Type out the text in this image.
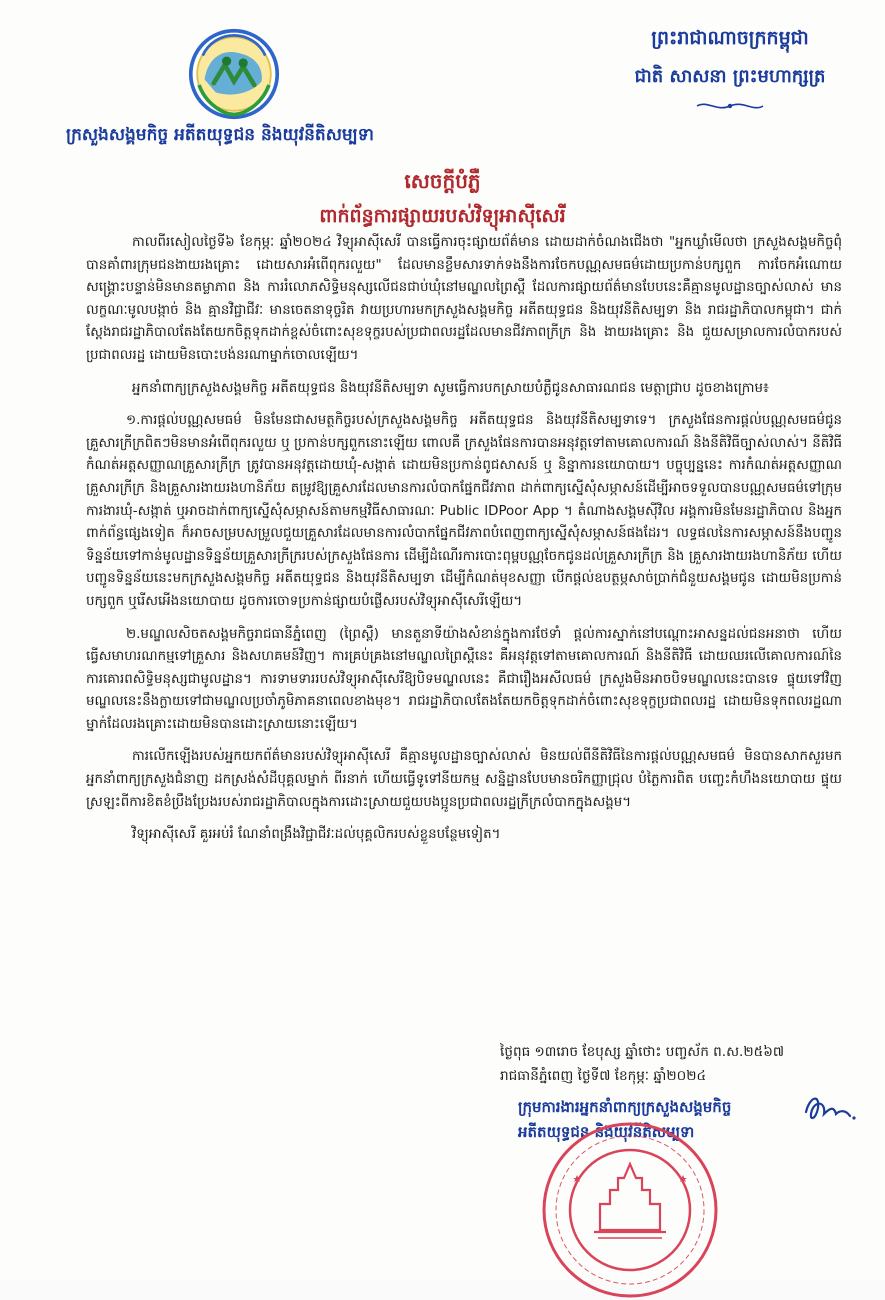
ក្រសួងសង្គមកិច្ច អតីតយុទ្ធជន និងយុវនីតិសម្បទា
ព្រះរាជាណាចក្រកម្ពុជា
ជាតិ សាសនា ព្រះមហាក្សត្រ
សេចក្តីបំភ្លឺ
ពាក់ព័ន្ធការផ្សាយរបស់វិទ្យុអាស៊ីសេរី

កាលពីរសៀលថ្ងៃទី៦ ខែកុម្ភៈ ឆ្នាំ២០២៤ វិទ្យុអាស៊ីសេរី បានធ្វើការចុះផ្សាយព័ត៌មាន ដោយដាក់ចំណងជើងថា "អ្នកឃ្លាំមើលថា ក្រសួងសង្គមកិច្ចពុំបានគាំពារក្រុមជនងាយរងគ្រោះ ដោយសារអំពើពុករលួយ" ដែលមានខ្លឹមសារទាក់ទងនឹងការចែកបណ្ណសមធម៌ដោយប្រកាន់បក្សពួក ការចែកអំណោយសង្គ្រោះបន្ទាន់មិនមានតម្លាភាព និង ការរំលោភសិទ្ធិមនុស្សលើជនជាប់ឃុំនៅមណ្ឌលព្រៃស្ពឺ ដែលការផ្សាយព័ត៌មានបែបនេះគឺគ្មានមូលដ្ឋានច្បាស់លាស់ មានលក្ខណៈមូលបង្កាច់ និង គ្មានវិជ្ជាជីវៈ មានចេតនាទុច្ចរិត វាយប្រហារមកក្រសួងសង្គមកិច្ច អតីតយុទ្ធជន និងយុវនីតិសម្បទា និង រាជរដ្ឋាភិបាលកម្ពុជា។ ជាក់ស្តែងរាជរដ្ឋាភិបាលតែងតែយកចិត្តទុកដាក់ខ្ពស់ចំពោះសុខទុក្ខរបស់ប្រជាពលរដ្ឋដែលមានជីវភាពក្រីក្រ និង ងាយរងគ្រោះ និង ជួយសម្រាលការលំបាករបស់ប្រជាពលរដ្ឋ ដោយមិនបោះបង់នរណាម្នាក់ចោលឡើយ។

អ្នកនាំពាក្យក្រសួងសង្គមកិច្ច អតីតយុទ្ធជន និងយុវនីតិសម្បទា សូមធ្វើការបកស្រាយបំភ្លឺជូនសាធារណជន មេត្តាជ្រាប ដូចខាងក្រោម៖

១.ការផ្តល់បណ្ណសមធម៌ មិនមែនជាសមត្ថកិច្ចរបស់ក្រសួងសង្គមកិច្ច អតីតយុទ្ធជន និងយុវនីតិសម្បទាទេ។ ក្រសួងផែនការផ្តល់បណ្ណសមធម៌ជូនគ្រួសារក្រីក្រពិតៗមិនមានអំពើពុករលួយ ឬ ប្រកាន់បក្សពួកនោះឡើយ ពោលគឺ ក្រសួងផែនការបានអនុវត្តទៅតាមគោលការណ៍ និងនីតិវិធីច្បាស់លាស់។ នីតិវិធីកំណត់អត្តសញ្ញាណគ្រួសារក្រីក្រ ត្រូវបានអនុវត្តដោយឃុំ-សង្កាត់ ដោយមិនប្រកាន់ពូជសាសន៍ ឬ និន្នាការនយោបាយ។ បច្ចុប្បន្ននេះ ការកំណត់អត្តសញ្ញាណគ្រួសារក្រីក្រ និងគ្រួសារងាយរងហានិភ័យ តម្រូវឱ្យគ្រួសារដែលមានការលំបាកផ្នែកជីវភាព ដាក់ពាក្យស្នើសុំសម្ភាសន៍ដើម្បីអាចទទួលបានបណ្ណសមធម៌ទៅក្រុមការងារឃុំ-សង្កាត់ ឬអាចដាក់ពាក្យស្នើសុំសម្ភាសន៍តាមកម្មវិធីសាធារណៈ Public IDPoor App ។ តំណាងសង្គមស៊ីវិល អង្គការមិនមែនរដ្ឋាភិបាល និងអ្នកពាក់ព័ន្ធផ្សេងទៀត ក៏អាចសម្របសម្រួលជួយគ្រួសារដែលមានការលំបាកផ្នែកជីវភាពបំពេញពាក្យស្នើសុំសម្ភាសន៍ផងដែរ។ លទ្ធផលនៃការសម្ភាសន៍នឹងបញ្ជូនទិន្នន័យទៅកាន់មូលដ្ឋានទិន្នន័យគ្រួសារក្រីក្ររបស់ក្រសួងផែនការ ដើម្បីដំណើរការបោះពុម្ពបណ្ណចែកជូនដល់គ្រួសារក្រីក្រ និង គ្រួសារងាយរងហានិភ័យ ហើយបញ្ជូនទិន្នន័យនេះមកក្រសួងសង្គមកិច្ច អតីតយុទ្ធជន និងយុវនីតិសម្បទា ដើម្បីកំណត់មុខសញ្ញា បើកផ្តល់ឧបត្ថម្ភសាច់ប្រាក់ជំនួយសង្គមជូន ដោយមិនប្រកាន់បក្សពួក ឬរើសអើងនយោបាយ ដូចការចោទប្រកាន់ផ្សាយបំផ្លើសរបស់វិទ្យុអាស៊ីសេរីឡើយ។

២.មណ្ឌលសិចតសង្គមកិច្ចរាជធានីភ្នំពេញ (ព្រៃស្ពឺ) មានតួនាទីយ៉ាងសំខាន់ក្នុងការថែទាំ ផ្តល់ការស្នាក់នៅបណ្តោះអាសន្នដល់ជនអនាថា ហើយធ្វើសមាហរណកម្មទៅគ្រួសារ និងសហគមន៍វិញ។ ការគ្រប់គ្រងនៅមណ្ឌលព្រៃស្ពឺនេះ គឺអនុវត្តទៅតាមគោលការណ៍ និងនីតិវិធី ដោយឈរលើគោលការណ៍នៃការគោរពសិទ្ធិមនុស្សជាមូលដ្ឋាន។ ការទាមទាររបស់វិទ្យុអាស៊ីសេរីឱ្យបិទមណ្ឌលនេះ គឺជារឿងអសីលធម៌ ក្រសួងមិនអាចបិទមណ្ឌលនេះបានទេ ផ្ទុយទៅវិញមណ្ឌលនេះនឹងក្លាយទៅជាមណ្ឌលប្រចាំភូមិភាគនាពេលខាងមុខ។ រាជរដ្ឋាភិបាលតែងតែយកចិត្តទុកដាក់ចំពោះសុខទុក្ខប្រជាពលរដ្ឋ ដោយមិនទុកពលរដ្ឋណាម្នាក់ដែលរងគ្រោះដោយមិនបានដោះស្រាយនោះឡើយ។

ការលើកឡើងរបស់អ្នកយកព័ត៌មានរបស់វិទ្យុអាស៊ីសេរី គឺគ្មានមូលដ្ឋានច្បាស់លាស់ មិនយល់ពីនីតិវិធីនៃការផ្តល់បណ្ណសមធម៌ មិនបានសាកសួរមកអ្នកនាំពាក្យក្រសួងជំនាញ ដកស្រង់សំដីបុគ្គលម្នាក់ ពីរនាក់ ហើយធ្វើទូទៅនីយកម្ម សន្និដ្ឋានបែបមានចរិកញ្ញាជ្រុល បំភ្លៃការពិត បញ្ចេះកំហឹងនយោបាយ ផ្ទុយស្រឡះពីការខិតខំប្រឹងប្រែងរបស់រាជរដ្ឋាភិបាលក្នុងការដោះស្រាយជួយបងប្អូនប្រជាពលរដ្ឋក្រីក្រលំបាកក្នុងសង្គម។

វិទ្យុអាស៊ីសេរី គួរអប់រំ ណែនាំពង្រឹងវិជ្ជាជីវៈដល់បុគ្គលិករបស់ខ្លួនបន្ថែមទៀត។

ថ្ងៃពុធ ១៣រោច ខែបុស្ស ឆ្នាំថោះ បញ្ចស័ក ព.ស.២៥៦៧
រាជធានីភ្នំពេញ ថ្ងៃទី៧ ខែកុម្ភៈ ឆ្នាំ២០២៤
ក្រុមការងារអ្នកនាំពាក្យក្រសួងសង្គមកិច្ច
អតីតយុទ្ធជន និងយុវនីតិសម្បទា
